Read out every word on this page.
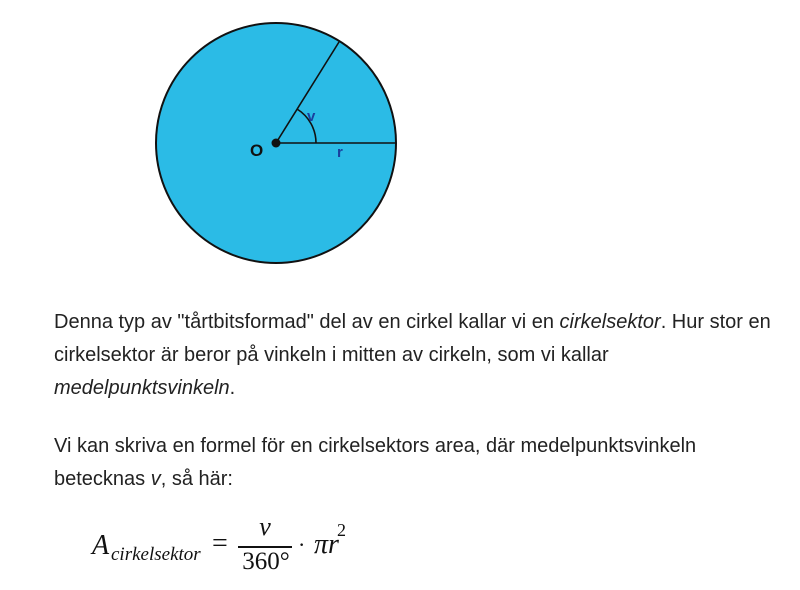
O
v
r

Denna typ av "tårtbitsformad" del av en cirkel kallar vi en cirkelsektor. Hur stor en cirkelsektor är beror på vinkeln i mitten av cirkeln, som vi kallar medelpunktsvinkeln.

Vi kan skriva en formel för en cirkelsektors area, där medelpunktsvinkeln betecknas v, så här:

A cirkelsektor =
v
360°
· πr
2
